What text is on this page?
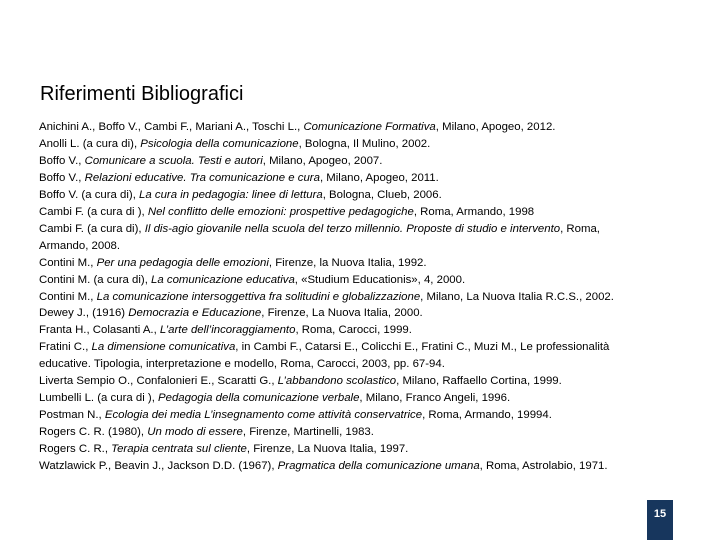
Riferimenti Bibliografici
Anichini A., Boffo V., Cambi F., Mariani A., Toschi L., Comunicazione Formativa, Milano, Apogeo, 2012.
Anolli L. (a cura di), Psicologia della comunicazione, Bologna, Il Mulino, 2002.
Boffo V., Comunicare a scuola. Testi e autori, Milano, Apogeo, 2007.
Boffo V., Relazioni educative. Tra comunicazione e cura, Milano, Apogeo, 2011.
Boffo V. (a cura di), La cura in pedagogia: linee di lettura, Bologna, Clueb, 2006.
Cambi F. (a cura di ), Nel conflitto delle emozioni: prospettive pedagogiche, Roma, Armando, 1998
Cambi F. (a cura di), Il dis-agio giovanile nella scuola del terzo millennio. Proposte di studio e intervento, Roma,
Armando, 2008.
Contini M., Per una pedagogia delle emozioni, Firenze, la Nuova Italia, 1992.
Contini M. (a cura di), La comunicazione educativa, «Studium Educationis», 4, 2000.
Contini M., La comunicazione intersoggettiva fra solitudini e globalizzazione, Milano, La Nuova Italia R.C.S., 2002.
Dewey J., (1916) Democrazia e Educazione, Firenze, La Nuova Italia, 2000.
Franta H., Colasanti A., L’arte dell’incoraggiamento, Roma, Carocci, 1999.
Fratini C., La dimensione comunicativa, in Cambi F., Catarsi E., Colicchi E., Fratini C., Muzi M., Le professionalità
educative. Tipologia, interpretazione e modello, Roma, Carocci, 2003, pp. 67-94.
Liverta Sempio O., Confalonieri E., Scaratti G., L’abbandono scolastico, Milano, Raffaello Cortina, 1999.
Lumbelli L. (a cura di ), Pedagogia della comunicazione verbale, Milano, Franco Angeli, 1996.
Postman N., Ecologia dei media L’insegnamento come attività conservatrice, Roma, Armando, 19994.
Rogers C. R. (1980), Un modo di essere, Firenze, Martinelli, 1983.
Rogers C. R., Terapia centrata sul cliente, Firenze, La Nuova Italia, 1997.
Watzlawick P., Beavin J., Jackson D.D. (1967), Pragmatica della comunicazione umana, Roma, Astrolabio, 1971.
15
